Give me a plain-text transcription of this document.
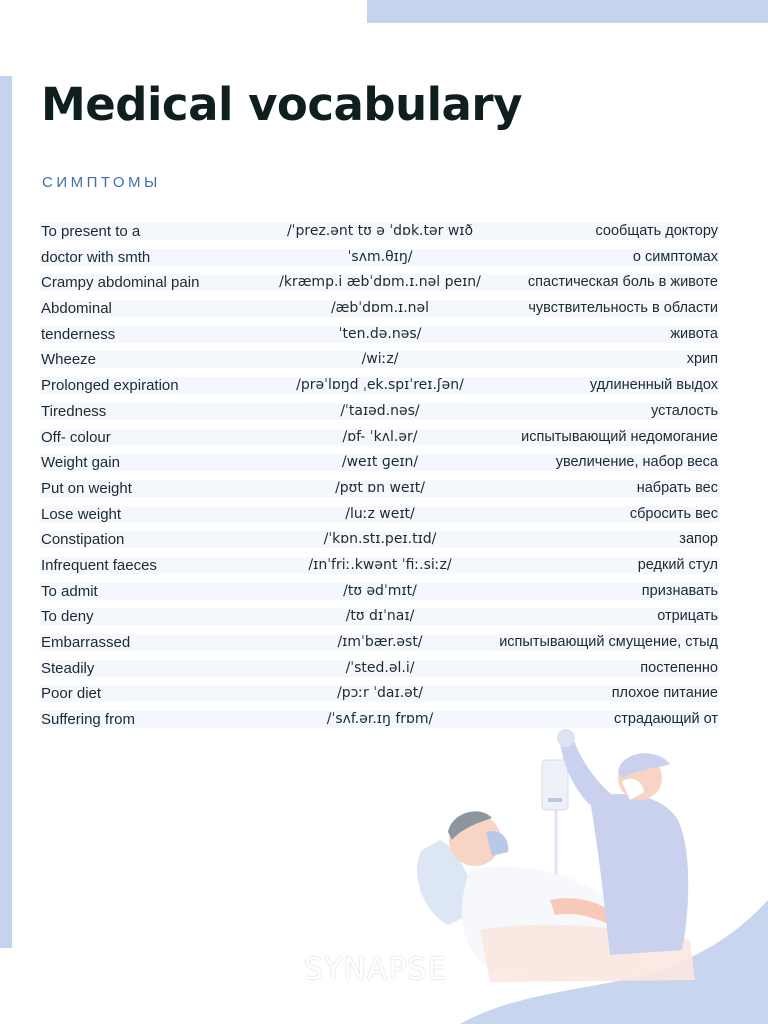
Medical vocabulary
СИМПТОМЫ
To present to a	/ˈprez.ənt tʊ ə ˈdɒk.tər wɪð	сообщать доктору
doctor with smth	ˈsʌm.θɪŋ/	о симптомах
Crampy abdominal pain	/kræmp.i æbˈdɒm.ɪ.nəl peɪn/	спастическая боль в животе
Abdominal	/æbˈdɒm.ɪ.nəl	чувствительность в области
tenderness	ˈten.də.nəs/	живота
Wheeze	/wiːz/	хрип
Prolonged expiration	/prəˈlɒŋd ˌek.spɪˈreɪ.ʃən/	удлиненный выдох
Tiredness	/ˈtaɪəd.nəs/	усталость
Off- colour	/ɒf- ˈkʌl.ər/	испытывающий недомогание
Weight gain	/weɪt ɡeɪn/	увеличение, набор веса
Put on weight	/pʊt ɒn weɪt/	набрать вес
Lose weight	/luːz weɪt/	сбросить вес
Constipation	/ˈkɒn.stɪ.peɪ.tɪd/	запор
Infrequent faeces	/ɪnˈfriː.kwənt ˈfiː.siːz/	редкий стул
To admit	/tʊ ədˈmɪt/	признавать
To deny	/tʊ dɪˈnaɪ/	отрицать
Embarrassed	/ɪmˈbær.əst/	испытывающий смущение, стыд
Steadily	/ˈsted.əl.i/	постепенно
Poor diet	/pɔːr ˈdaɪ.ət/	плохое питание
Suffering from	/ˈsʌf.ər.ɪŋ frɒm/	страдающий от
SYNAPSE
